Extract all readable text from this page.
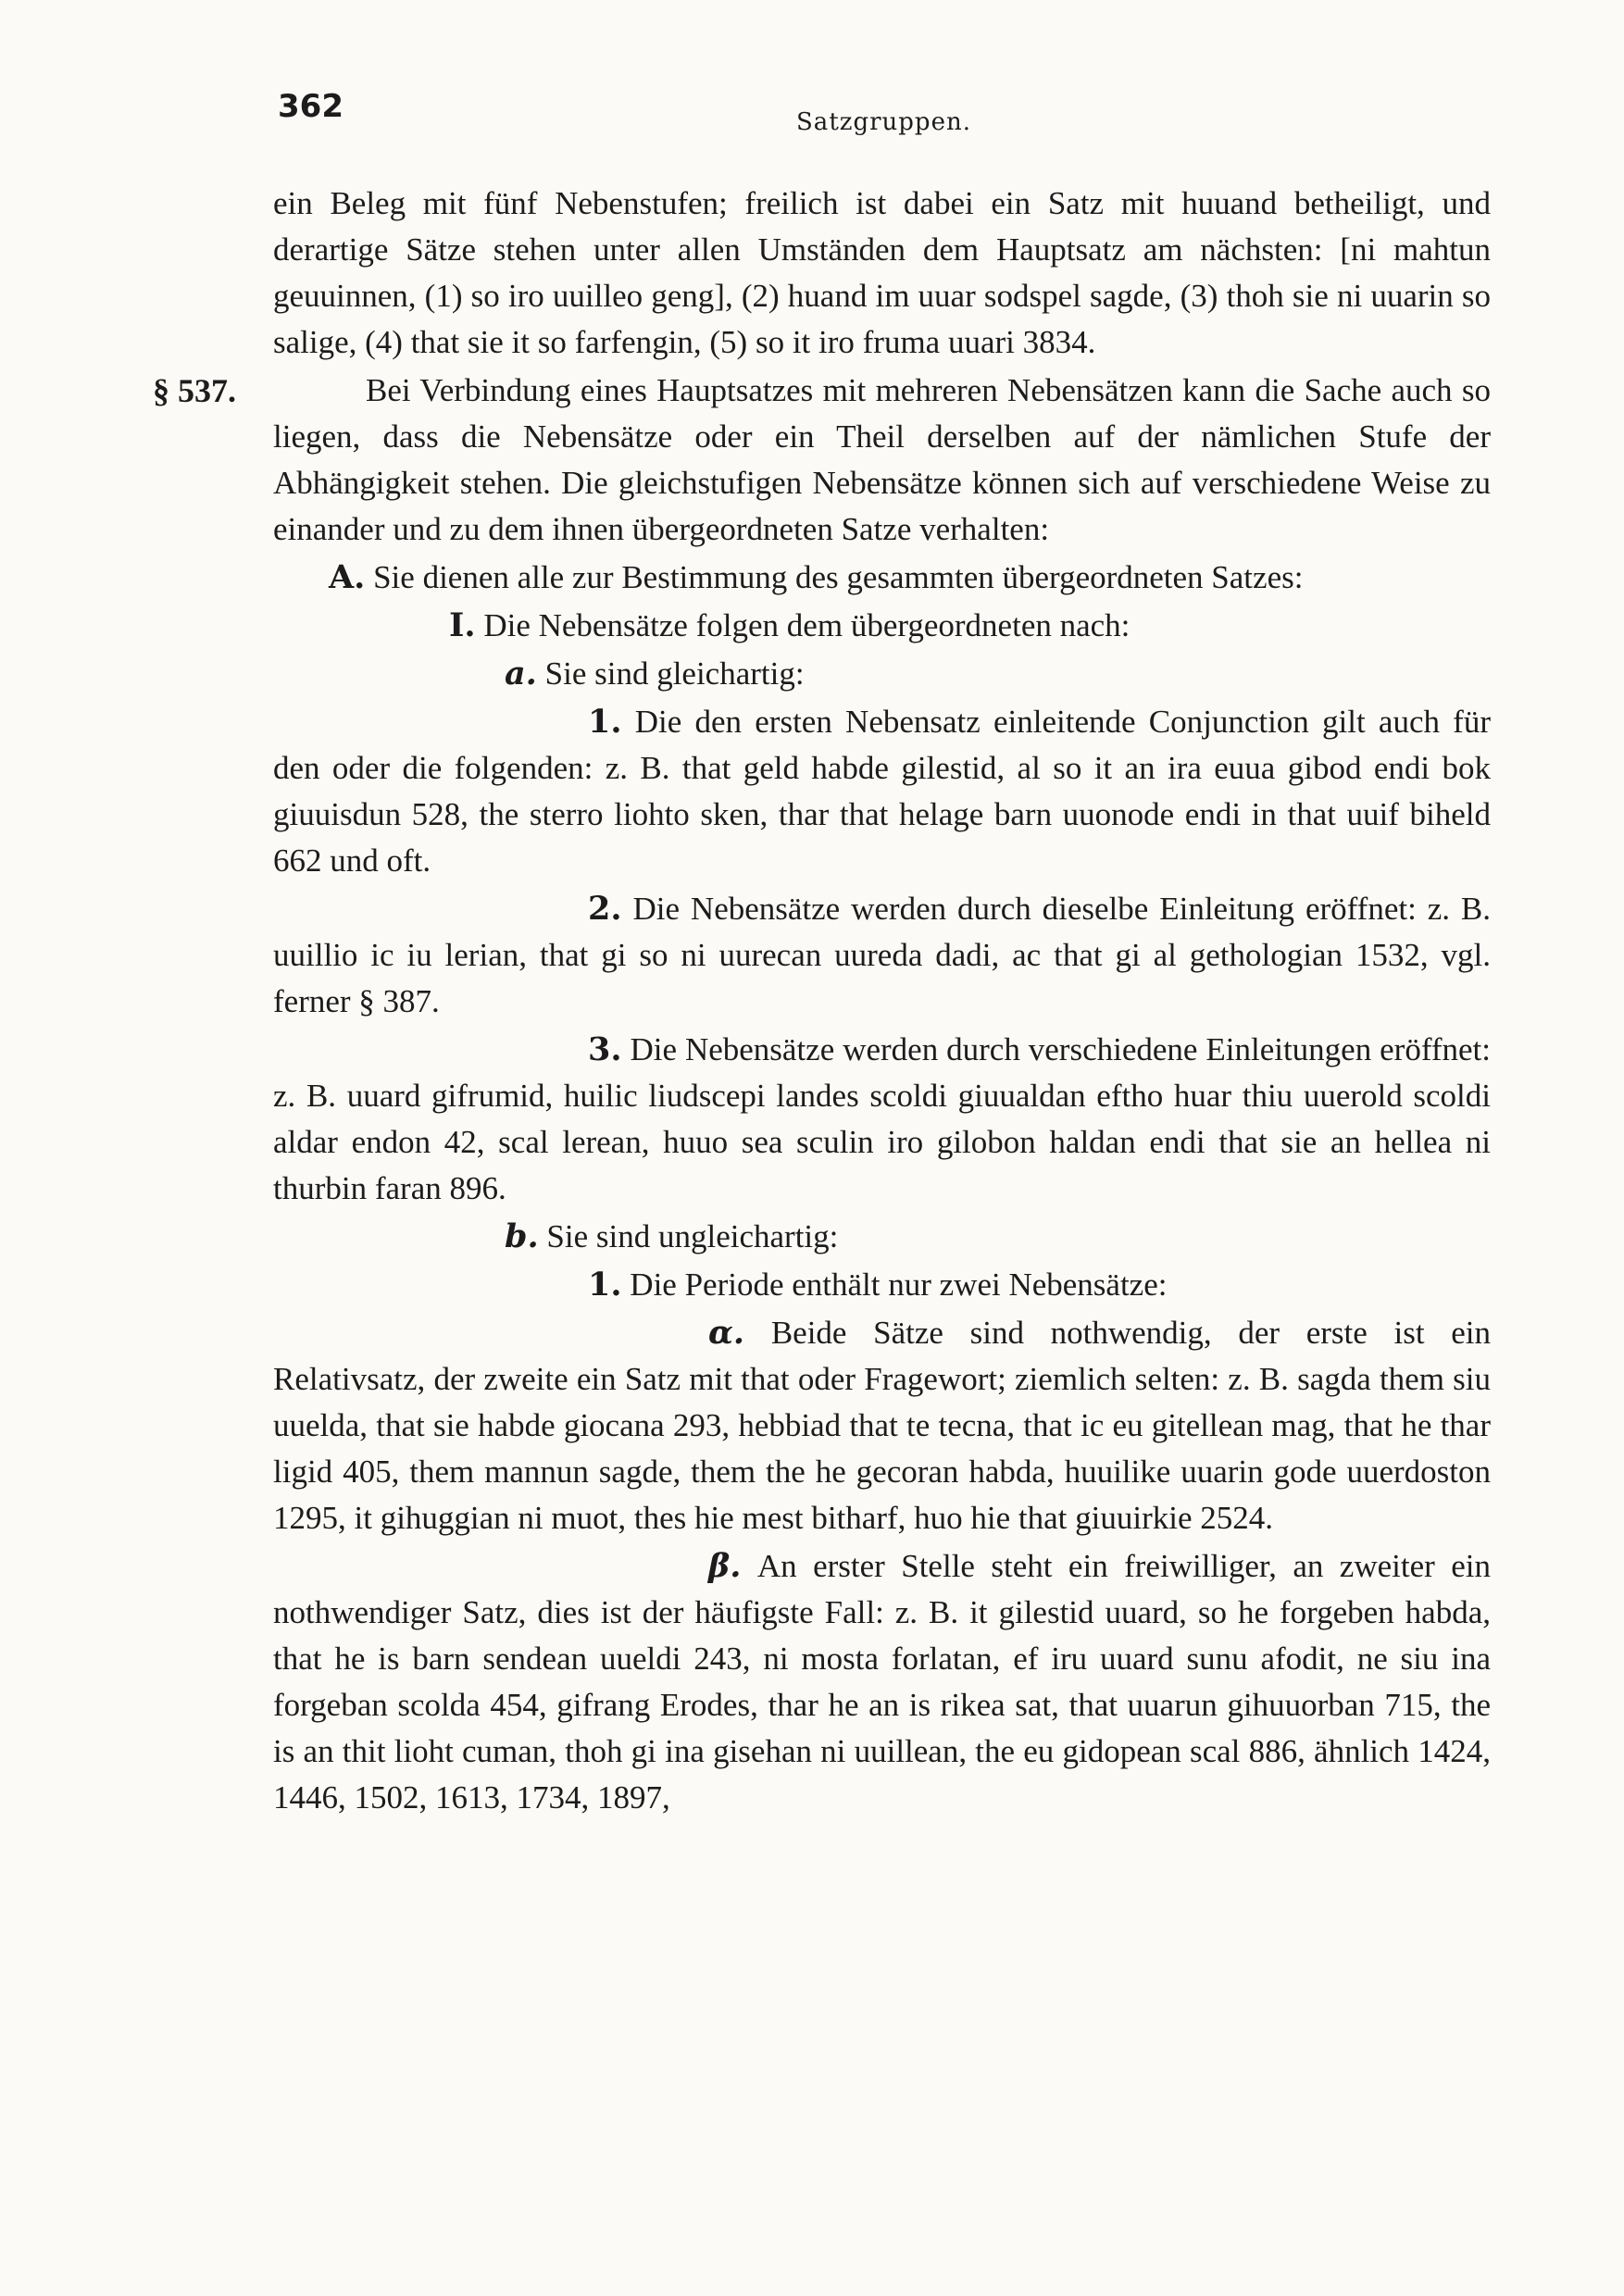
362	Satzgruppen.

ein Beleg mit fünf Nebenstufen; freilich ist dabei ein Satz mit huuand betheiligt, und derartige Sätze stehen unter allen Umständen dem Hauptsatz am nächsten: [ni mahtun geuuinnen, (1) so iro uuilleo geng], (2) huand im uuar sodspel sagde, (3) thoh sie ni uuarin so salige, (4) that sie it so farfengin, (5) so it iro fruma uuari 3834.

§ 537.	Bei Verbindung eines Hauptsatzes mit mehreren Nebensätzen kann die Sache auch so liegen, dass die Nebensätze oder ein Theil derselben auf der nämlichen Stufe der Abhängigkeit stehen. Die gleichstufigen Nebensätze können sich auf verschiedene Weise zu einander und zu dem ihnen übergeordneten Satze verhalten:

A. Sie dienen alle zur Bestimmung des gesammten übergeordneten Satzes:

I. Die Nebensätze folgen dem übergeordneten nach:

a. Sie sind gleichartig:

1. Die den ersten Nebensatz einleitende Conjunction gilt auch für den oder die folgenden: z. B. that geld habde gilestid, al so it an ira euua gibod endi bok giuuisdun 528, the sterro liohto sken, thar that helage barn uuonode endi in that uuif biheld 662 und oft.

2. Die Nebensätze werden durch dieselbe Einleitung eröffnet: z. B. uuillio ic iu lerian, that gi so ni uurecan uureda dadi, ac that gi al gethologian 1532, vgl. ferner § 387.

3. Die Nebensätze werden durch verschiedene Einleitungen eröffnet: z. B. uuard gifrumid, huilic liudscepi landes scoldi giuualdan eftho huar thiu uuerold scoldi aldar endon 42, scal lerean, huuo sea sculin iro gilobon haldan endi that sie an hellea ni thurbin faran 896.

b. Sie sind ungleichartig:

1. Die Periode enthält nur zwei Nebensätze:

α. Beide Sätze sind nothwendig, der erste ist ein Relativsatz, der zweite ein Satz mit that oder Fragewort; ziemlich selten: z. B. sagda them siu uuelda, that sie habde giocana 293, hebbiad that te tecna, that ic eu gitellean mag, that he thar ligid 405, them mannun sagde, them the he gecoran habda, huuilike uuarin gode uuerdoston 1295, it gihuggian ni muot, thes hie mest bitharf, huo hie that giuuirkie 2524.

β. An erster Stelle steht ein freiwilliger, an zweiter ein nothwendiger Satz, dies ist der häufigste Fall: z. B. it gilestid uuard, so he forgeben habda, that he is barn sendean uueldi 243, ni mosta forlatan, ef iru uuard sunu afodit, ne siu ina forgeban scolda 454, gifrang Erodes, thar he an is rikea sat, that uuarun gihuuorban 715, the is an thit lioht cuman, thoh gi ina gisehan ni uuillean, the eu gidopean scal 886, ähnlich 1424, 1446, 1502, 1613, 1734, 1897,
